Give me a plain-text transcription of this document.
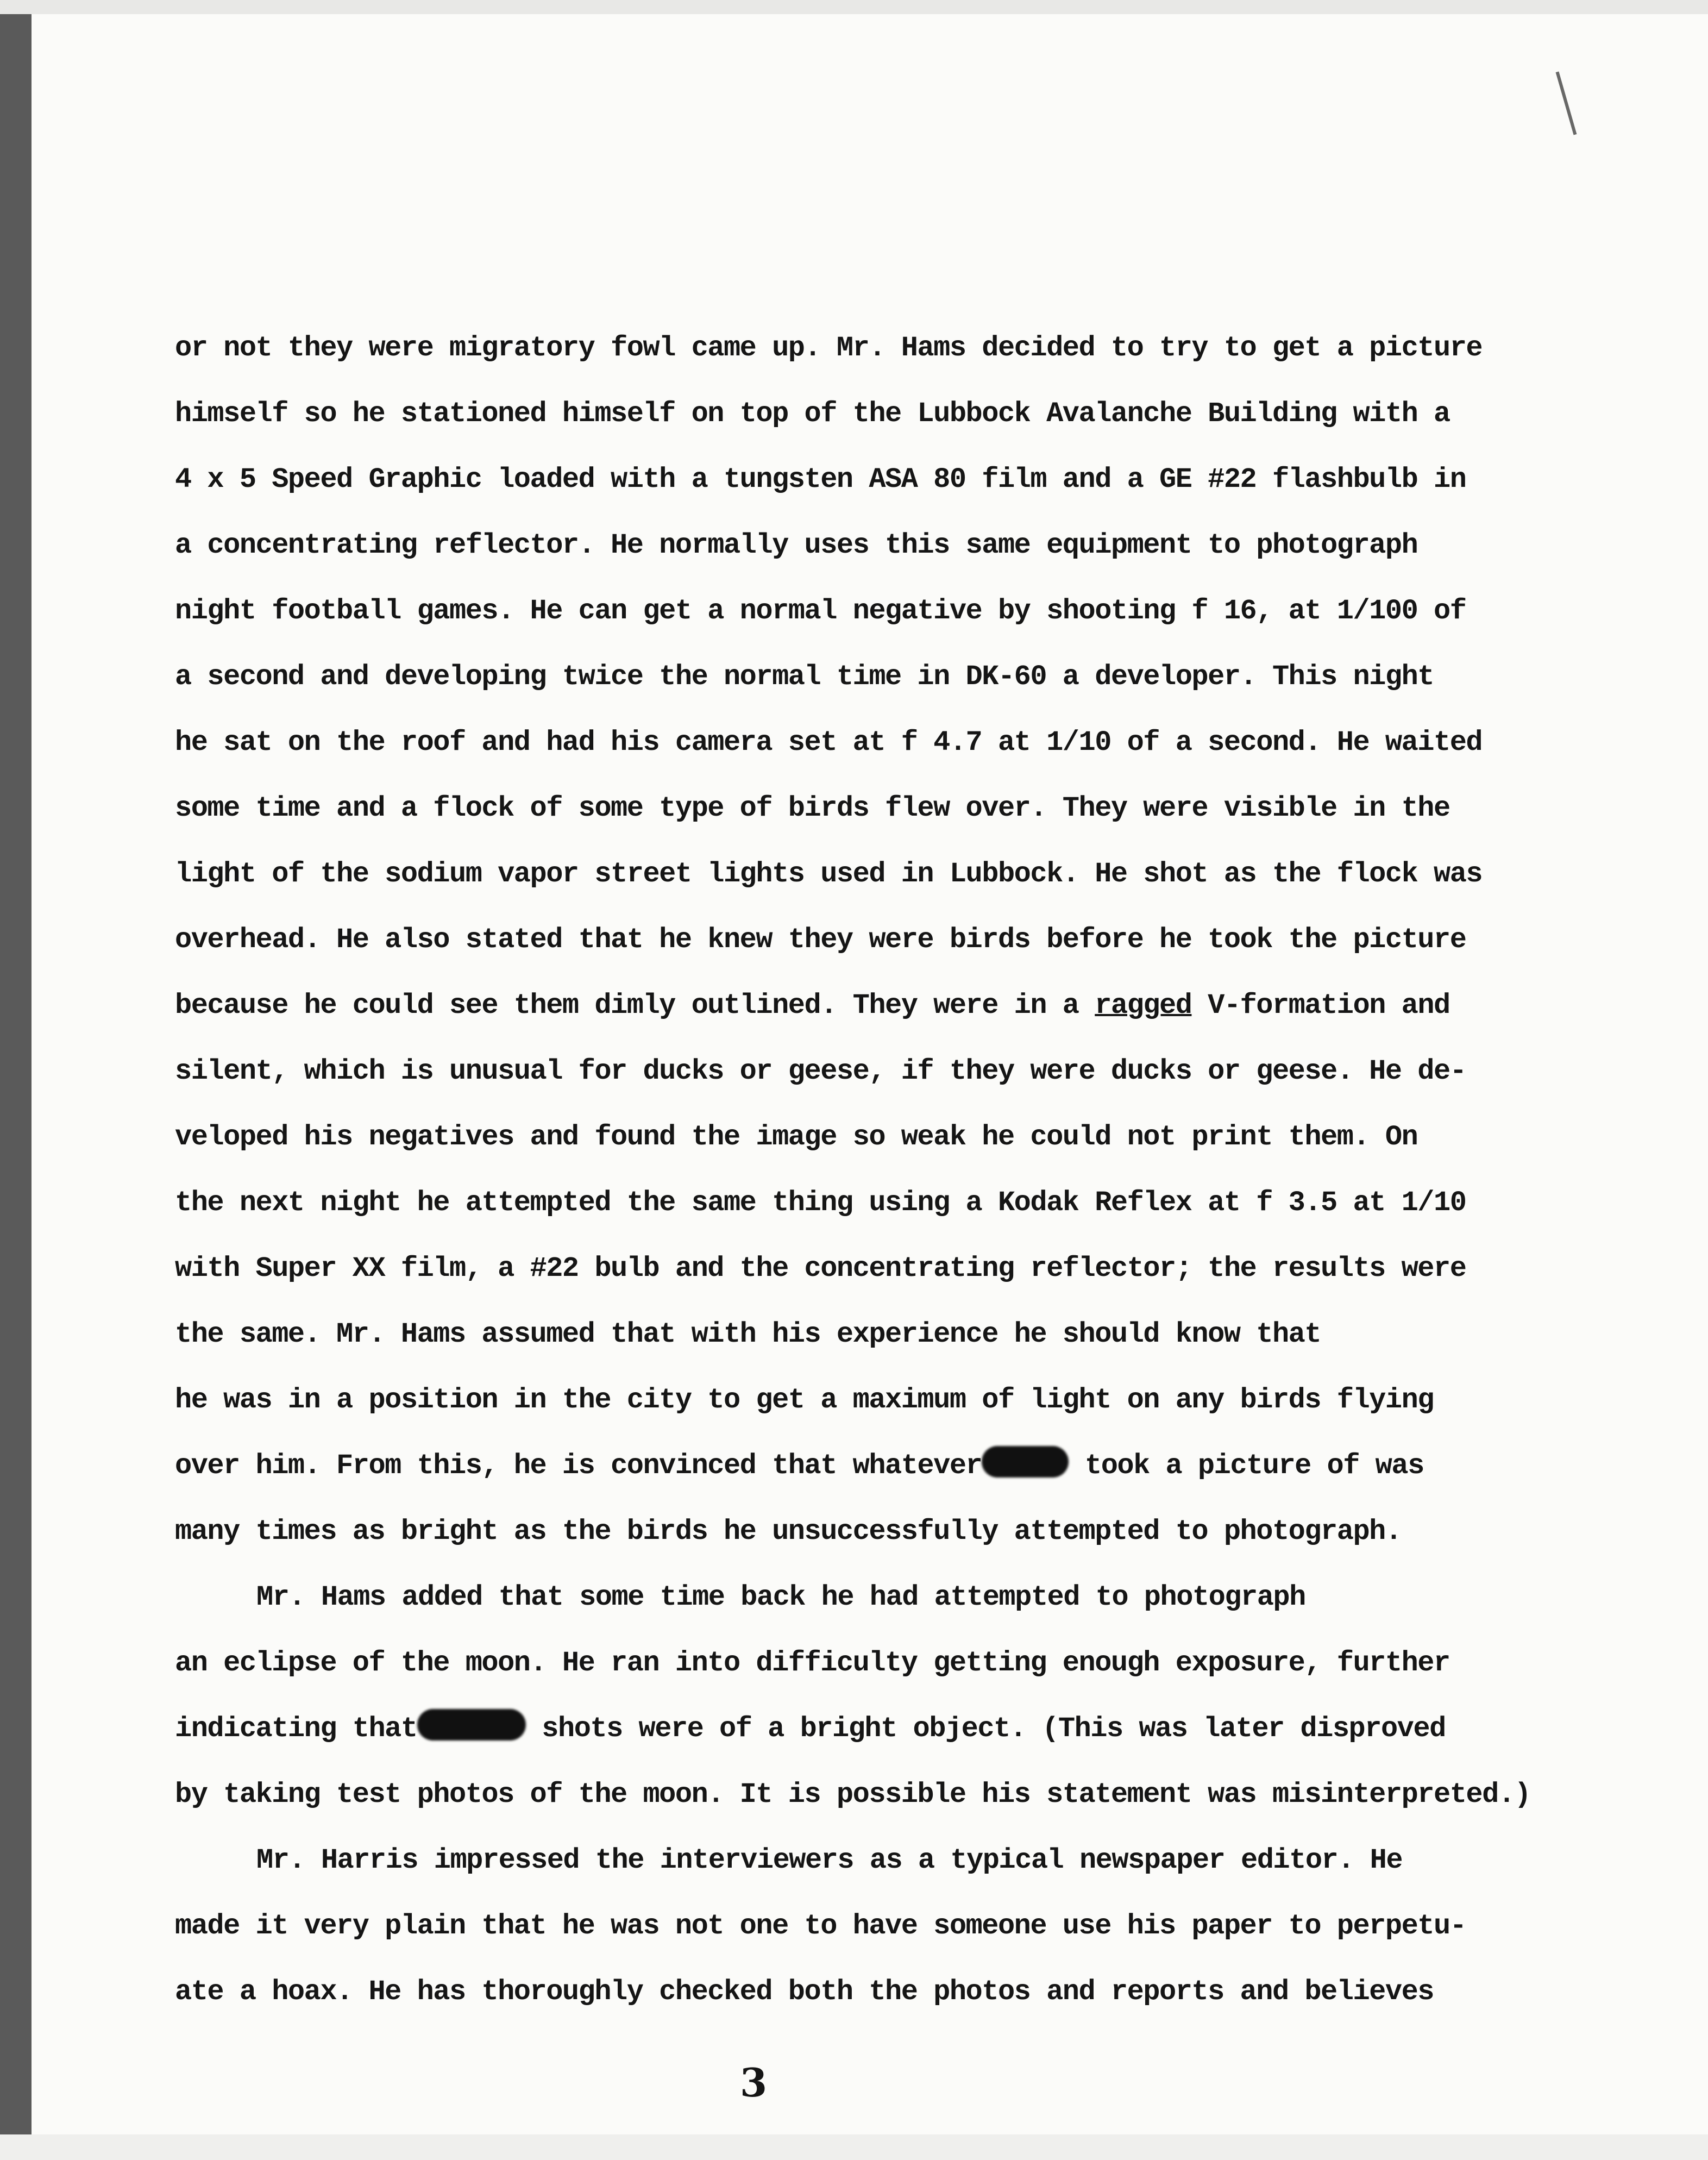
or not they were migratory fowl came up. Mr. Hams decided to try to get a picture
himself so he stationed himself on top of the Lubbock Avalanche Building with a
4 x 5 Speed Graphic loaded with a tungsten ASA 80 film and a GE #22 flashbulb in
a concentrating reflector. He normally uses this same equipment to photograph
night football games. He can get a normal negative by shooting f 16, at 1/100 of
a second and developing twice the normal time in DK-60 a developer. This night
he sat on the roof and had his camera set at f 4.7 at 1/10 of a second. He waited
some time and a flock of some type of birds flew over. They were visible in the
light of the sodium vapor street lights used in Lubbock. He shot as the flock was
overhead. He also stated that he knew they were birds before he took the picture
because he could see them dimly outlined. They were in a ragged V-formation and
silent, which is unusual for ducks or geese, if they were ducks or geese. He de-
veloped his negatives and found the image so weak he could not print them. On
the next night he attempted the same thing using a Kodak Reflex at f 3.5 at 1/10
with Super XX film, a #22 bulb and the concentrating reflector; the results were
the same. Mr. Hams assumed that with his experience he should know that
he was in a position in the city to get a maximum of light on any birds flying
over him. From this, he is convinced that whatever	took a picture of was
many times as bright as the birds he unsuccessfully attempted to photograph.
Mr. Hams added that some time back he had attempted to photograph
an eclipse of the moon. He ran into difficulty getting enough exposure, further
indicating that	shots were of a bright object. (This was later disproved
by taking test photos of the moon. It is possible his statement was misinterpreted.)
Mr. Harris impressed the interviewers as a typical newspaper editor. He
made it very plain that he was not one to have someone use his paper to perpetu-
ate a hoax. He has thoroughly checked both the photos and reports and believes
3
